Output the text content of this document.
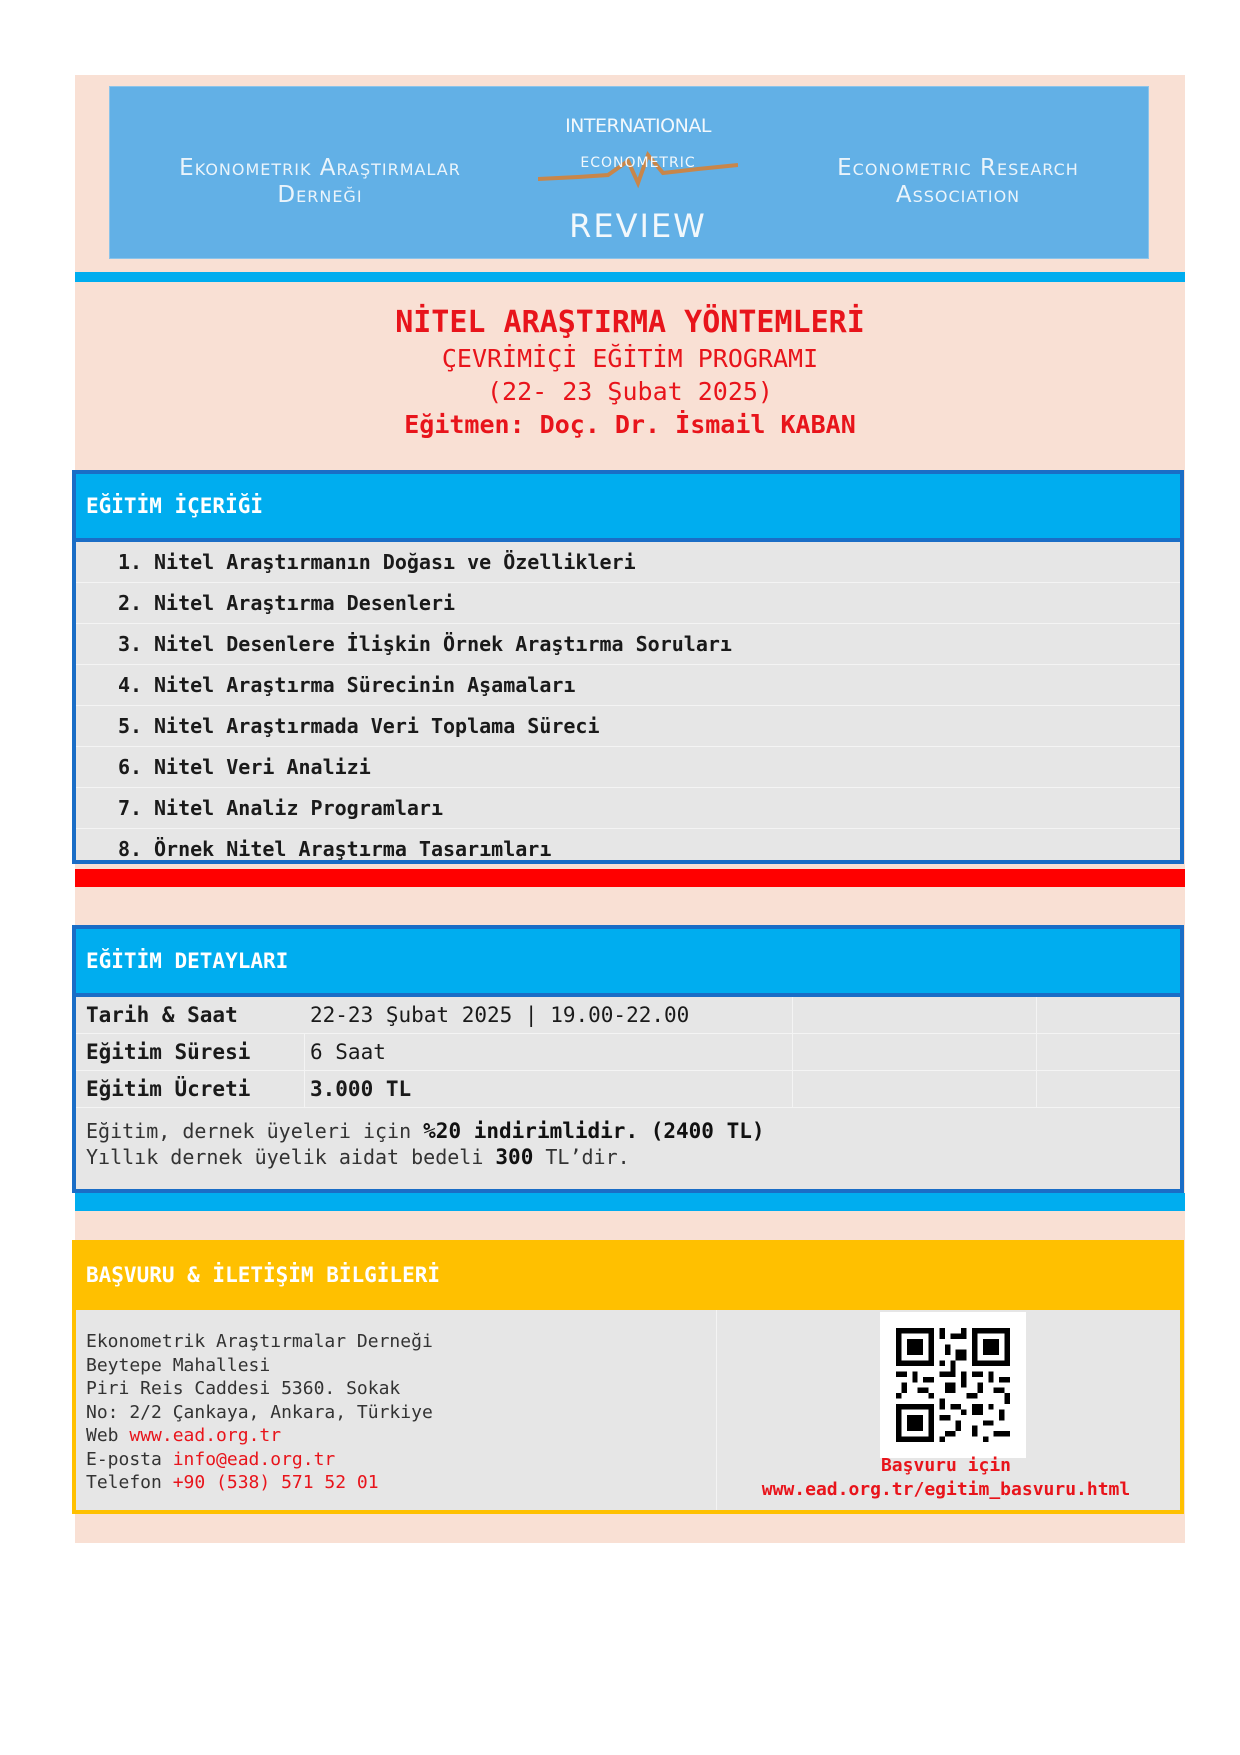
Ekonometrik Araştırmalar
Derneği
INTERNATIONAL
ECONOMETRIC
REVIEW
Econometric Research
Association
NİTEL ARAŞTIRMA YÖNTEMLERİ
ÇEVRİMİÇİ EĞİTİM PROGRAMI
(22- 23 Şubat 2025)
Eğitmen: Doç. Dr. İsmail KABAN
EĞİTİM İÇERİĞİ
1. Nitel Araştırmanın Doğası ve Özellikleri
2. Nitel Araştırma Desenleri
3. Nitel Desenlere İlişkin Örnek Araştırma Soruları
4. Nitel Araştırma Sürecinin Aşamaları
5. Nitel Araştırmada Veri Toplama Süreci
6. Nitel Veri Analizi
7. Nitel Analiz Programları
8. Örnek Nitel Araştırma Tasarımları
EĞİTİM DETAYLARI
Tarih & Saat	22-23 Şubat 2025 | 19.00-22.00
Eğitim Süresi	6 Saat
Eğitim Ücreti	3.000 TL
Eğitim, dernek üyeleri için %20 indirimlidir. (2400 TL)
Yıllık dernek üyelik aidat bedeli 300 TL’dir.
BAŞVURU & İLETİŞİM BİLGİLERİ
Ekonometrik Araştırmalar Derneği
Beytepe Mahallesi
Piri Reis Caddesi 5360. Sokak
No: 2/2 Çankaya, Ankara, Türkiye
Web www.ead.org.tr
E-posta info@ead.org.tr
Telefon +90 (538) 571 52 01
Başvuru için
www.ead.org.tr/egitim_basvuru.html
